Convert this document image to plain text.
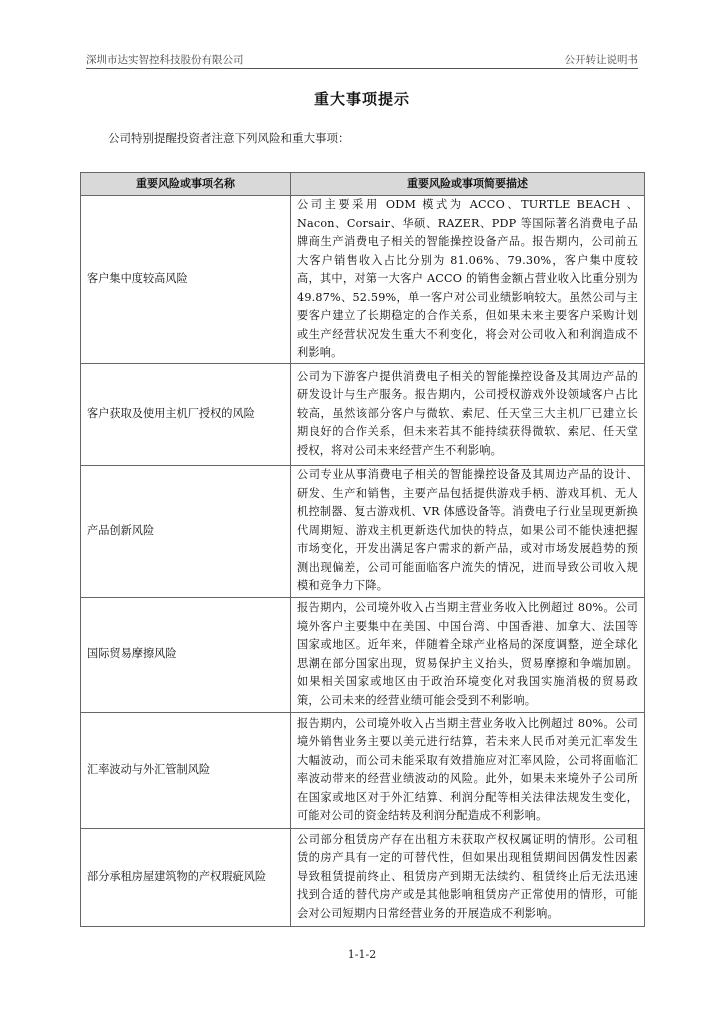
深圳市达实智控科技股份有限公司	公开转让说明书
重大事项提示
公司特别提醒投资者注意下列风险和重大事项：
重要风险或事项名称	重要风险或事项简要描述
客户集中度较高风险	公司主要采用 ODM 模式为 ACCO、TURTLE BEACH 、Nacon、Corsair、华硕、RAZER、PDP 等国际著名消费电子品牌商生产消费电子相关的智能操控设备产品。报告期内，公司前五大客户销售收入占比分别为 81.06%、79.30%，客户集中度较高，其中，对第一大客户 ACCO 的销售金额占营业收入比重分别为 49.87%、52.59%，单一客户对公司业绩影响较大。虽然公司与主要客户建立了长期稳定的合作关系，但如果未来主要客户采购计划或生产经营状况发生重大不利变化，将会对公司收入和利润造成不利影响。
客户获取及使用主机厂授权的风险	公司为下游客户提供消费电子相关的智能操控设备及其周边产品的研发设计与生产服务。报告期内，公司授权游戏外设领域客户占比较高，虽然该部分客户与微软、索尼、任天堂三大主机厂已建立长期良好的合作关系，但未来若其不能持续获得微软、索尼、任天堂授权，将对公司未来经营产生不利影响。
产品创新风险	公司专业从事消费电子相关的智能操控设备及其周边产品的设计、研发、生产和销售，主要产品包括提供游戏手柄、游戏耳机、无人机控制器、复古游戏机、VR 体感设备等。消费电子行业呈现更新换代周期短、游戏主机更新迭代加快的特点，如果公司不能快速把握市场变化，开发出满足客户需求的新产品，或对市场发展趋势的预测出现偏差，公司可能面临客户流失的情况，进而导致公司收入规模和竞争力下降。
国际贸易摩擦风险	报告期内，公司境外收入占当期主营业务收入比例超过 80%。公司境外客户主要集中在美国、中国台湾、中国香港、加拿大、法国等国家或地区。近年来，伴随着全球产业格局的深度调整，逆全球化思潮在部分国家出现，贸易保护主义抬头，贸易摩擦和争端加剧。如果相关国家或地区由于政治环境变化对我国实施消极的贸易政策，公司未来的经营业绩可能会受到不利影响。
汇率波动与外汇管制风险	报告期内，公司境外收入占当期主营业务收入比例超过 80%。公司境外销售业务主要以美元进行结算，若未来人民币对美元汇率发生大幅波动，而公司未能采取有效措施应对汇率风险，公司将面临汇率波动带来的经营业绩波动的风险。此外，如果未来境外子公司所在国家或地区对于外汇结算、利润分配等相关法律法规发生变化，可能对公司的资金结转及利润分配造成不利影响。
部分承租房屋建筑物的产权瑕疵风险	公司部分租赁房产存在出租方未获取产权权属证明的情形。公司租赁的房产具有一定的可替代性，但如果出现租赁期间因偶发性因素导致租赁提前终止、租赁房产到期无法续约、租赁终止后无法迅速找到合适的替代房产或是其他影响租赁房产正常使用的情形，可能会对公司短期内日常经营业务的开展造成不利影响。
1-1-2
